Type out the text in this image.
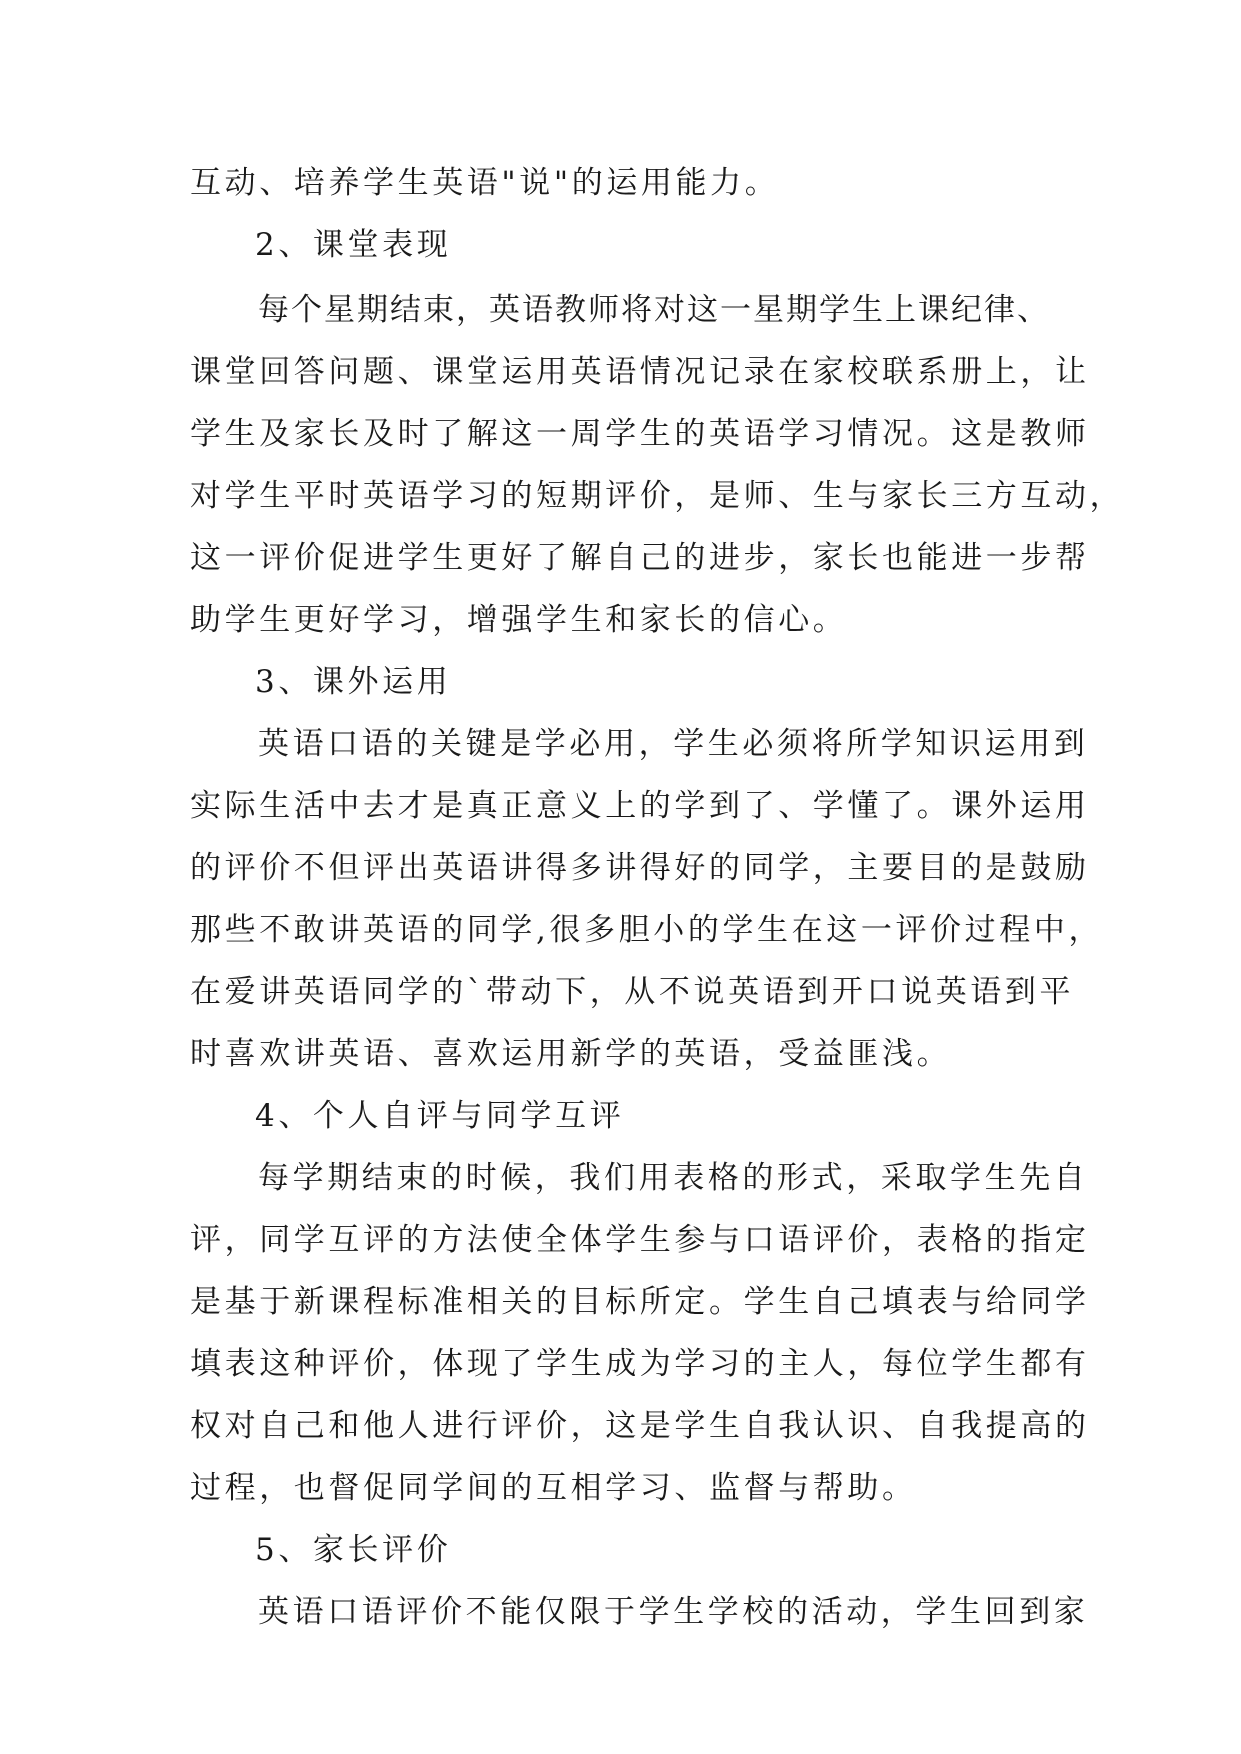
互动、培养学生英语"说"的运用能力。
2、课堂表现
每个星期结束，英语教师将对这一星期学生上课纪律、
课堂回答问题、课堂运用英语情况记录在家校联系册上，让
学生及家长及时了解这一周学生的英语学习情况。这是教师
对学生平时英语学习的短期评价，是师、生与家长三方互动，
这一评价促进学生更好了解自己的进步，家长也能进一步帮
助学生更好学习，增强学生和家长的信心。
3、课外运用
英语口语的关键是学必用，学生必须将所学知识运用到
实际生活中去才是真正意义上的学到了、学懂了。课外运用
的评价不但评出英语讲得多讲得好的同学，主要目的是鼓励
那些不敢讲英语的同学,很多胆小的学生在这一评价过程中，
在爱讲英语同学的`带动下，从不说英语到开口说英语到平
时喜欢讲英语、喜欢运用新学的英语，受益匪浅。
4、个人自评与同学互评
每学期结束的时候，我们用表格的形式，采取学生先自
评，同学互评的方法使全体学生参与口语评价，表格的指定
是基于新课程标准相关的目标所定。学生自己填表与给同学
填表这种评价，体现了学生成为学习的主人，每位学生都有
权对自己和他人进行评价，这是学生自我认识、自我提高的
过程，也督促同学间的互相学习、监督与帮助。
5、家长评价
英语口语评价不能仅限于学生学校的活动，学生回到家
